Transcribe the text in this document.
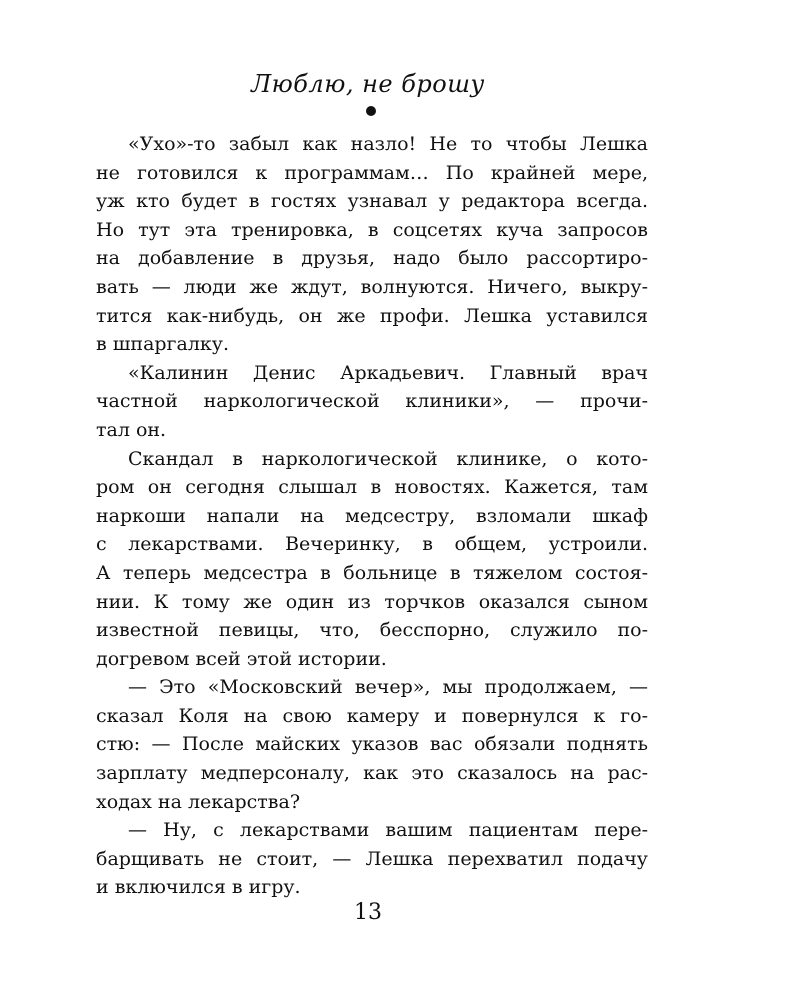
Люблю, не брошу

«Ухо»-то забыл как назло! Не то чтобы Лешка
не готовился к программам… По крайней мере,
уж кто будет в гостях узнавал у редактора всегда.
Но тут эта тренировка, в соцсетях куча запросов
на добавление в друзья, надо было рассортиро-
вать — люди же ждут, волнуются. Ничего, выкру-
тится как-нибудь, он же профи. Лешка уставился
в шпаргалку.

«Калинин Денис Аркадьевич. Главный врач
частной наркологической клиники», — прочи-
тал он.

Скандал в наркологической клинике, о кото-
ром он сегодня слышал в новостях. Кажется, там
наркоши напали на медсестру, взломали шкаф
с лекарствами. Вечеринку, в общем, устроили.
А теперь медсестра в больнице в тяжелом состоя-
нии. К тому же один из торчков оказался сыном
известной певицы, что, бесспорно, служило по-
догревом всей этой истории.

— Это «Московский вечер», мы продолжаем, —
сказал Коля на свою камеру и повернулся к го-
стю: — После майских указов вас обязали поднять
зарплату медперсоналу, как это сказалось на рас-
ходах на лекарства?

— Ну, с лекарствами вашим пациентам пере-
барщивать не стоит, — Лешка перехватил подачу
и включился в игру.

13
